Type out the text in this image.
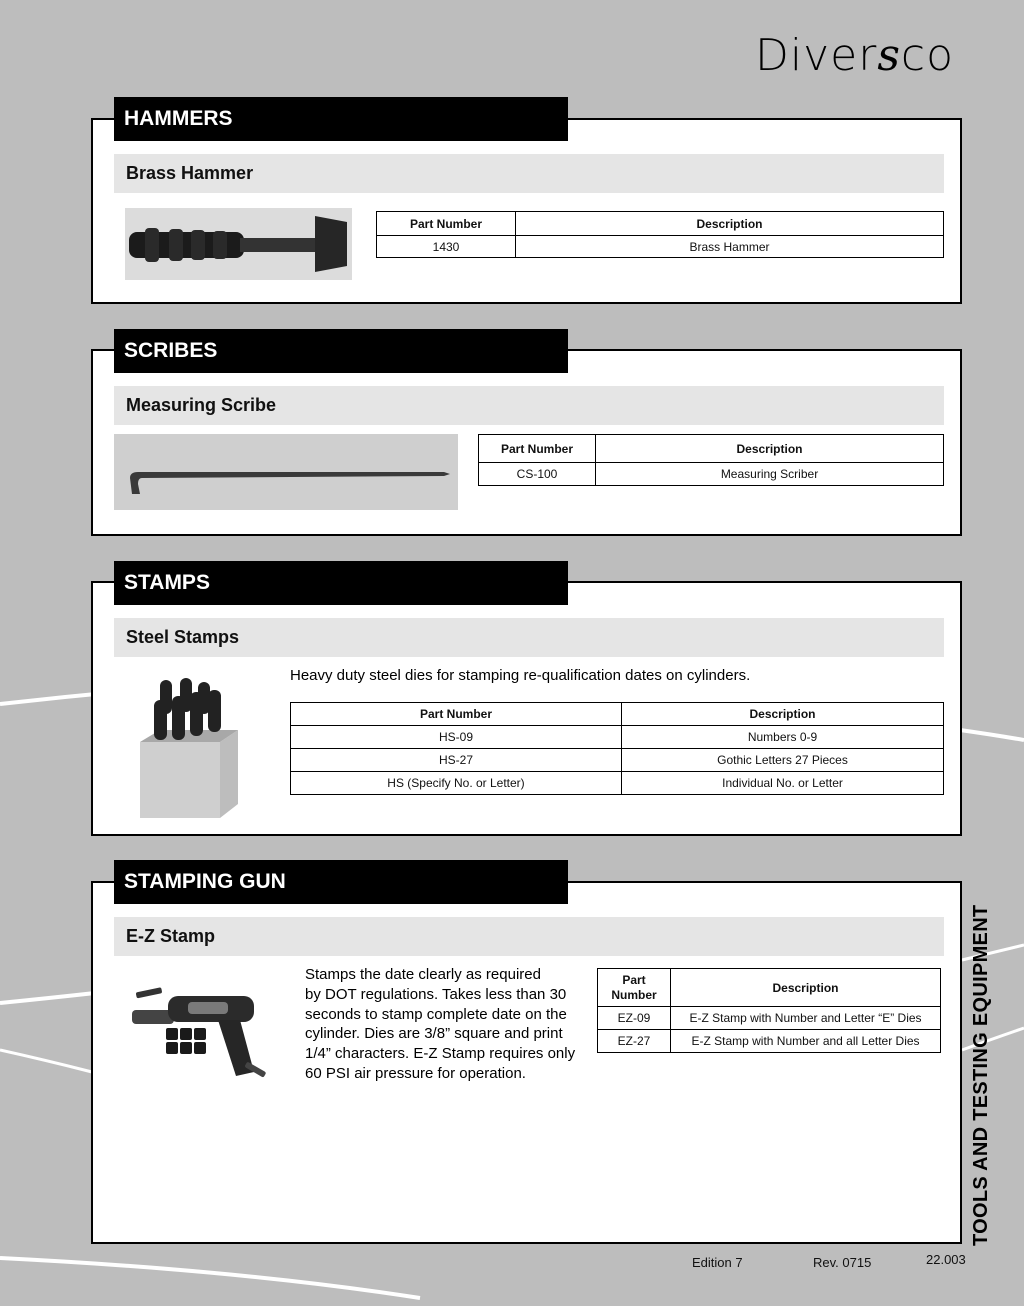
Diversco
HAMMERS
Brass Hammer
Part Number	Description
1430	Brass Hammer
SCRIBES
Measuring Scribe
Part Number	Description
CS-100	Measuring Scriber
STAMPS
Steel Stamps
Heavy duty steel dies for stamping re-qualification dates on cylinders.
Part Number	Description
HS-09	Numbers 0-9
HS-27	Gothic Letters 27 Pieces
HS (Specify No. or Letter)	Individual No. or Letter
STAMPING GUN
E-Z Stamp
Stamps the date clearly as required
by DOT regulations. Takes less than 30
seconds to stamp complete date on the
cylinder. Dies are 3/8” square and print
1/4” characters. E-Z Stamp requires only
60 PSI air pressure for operation.
Part
Number	Description
EZ-09	E-Z Stamp with Number and Letter “E” Dies
EZ-27	E-Z Stamp with Number and all Letter Dies	TOOLS AND TESTING EQUIPMENT
Edition 7	Rev. 0715	22.003
